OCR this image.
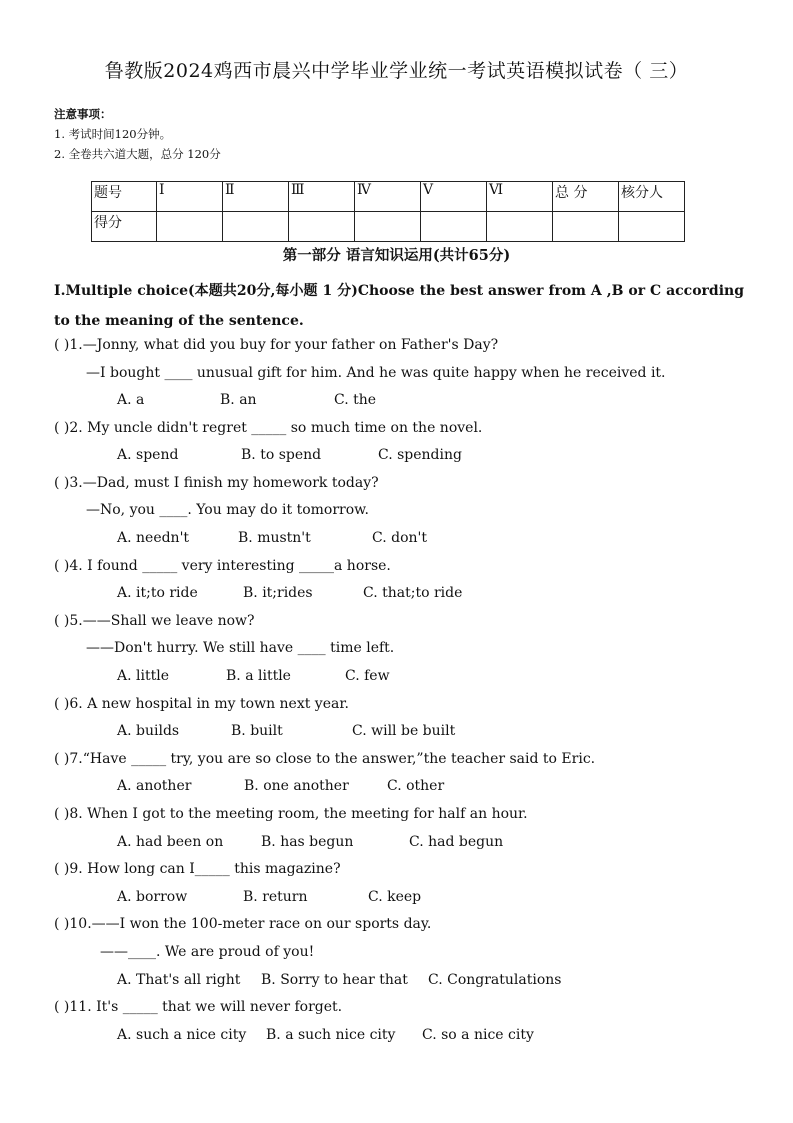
鲁教版2024鸡西市晨兴中学毕业学业统一考试英语模拟试卷（ 三）
注意事项：
1. 考试时间120分钟。
2. 全卷共六道大题，总分 120分
题号	Ⅰ	Ⅱ	Ⅲ	Ⅳ	Ⅴ	Ⅵ	总 分	核分人
得分								
第一部分 语言知识运用(共计65分)
Ⅰ.Multiple choice(本题共20分,每小题 1 分)Choose the best answer from A ,B or C according to the meaning of the sentence.
( )1.—Jonny, what did you buy for your father on Father's Day?
—I bought ____ unusual gift for him. And he was quite happy when he received it.
A. a	B. an	C. the
( )2. My uncle didn't regret _____ so much time on the novel.
A. spend	B. to spend	C. spending
( )3.—Dad, must I finish my homework today?
—No, you ____. You may do it tomorrow.
A. needn't	B. mustn't	C. don't
( )4. I found _____ very interesting _____a horse.
A. it;to ride	B. it;rides	C. that;to ride
( )5.——Shall we leave now?
——Don't hurry. We still have ____ time left.
A. little	B. a little	C. few
( )6. A new hospital in my town next year.
A. builds	B. built	C. will be built
( )7.“Have _____ try, you are so close to the answer,”the teacher said to Eric.
A. another	B. one another	C. other
( )8. When I got to the meeting room, the meeting for half an hour.
A. had been on	B. has begun	C. had begun
( )9. How long can I_____ this magazine?
A. borrow	B. return	C. keep
( )10.——I won the 100-meter race on our sports day.
——____. We are proud of you!
A. That's all right B. Sorry to hear that C. Congratulations
( )11. It's _____ that we will never forget.
A. such a nice city B. a such nice city C. so a nice city
